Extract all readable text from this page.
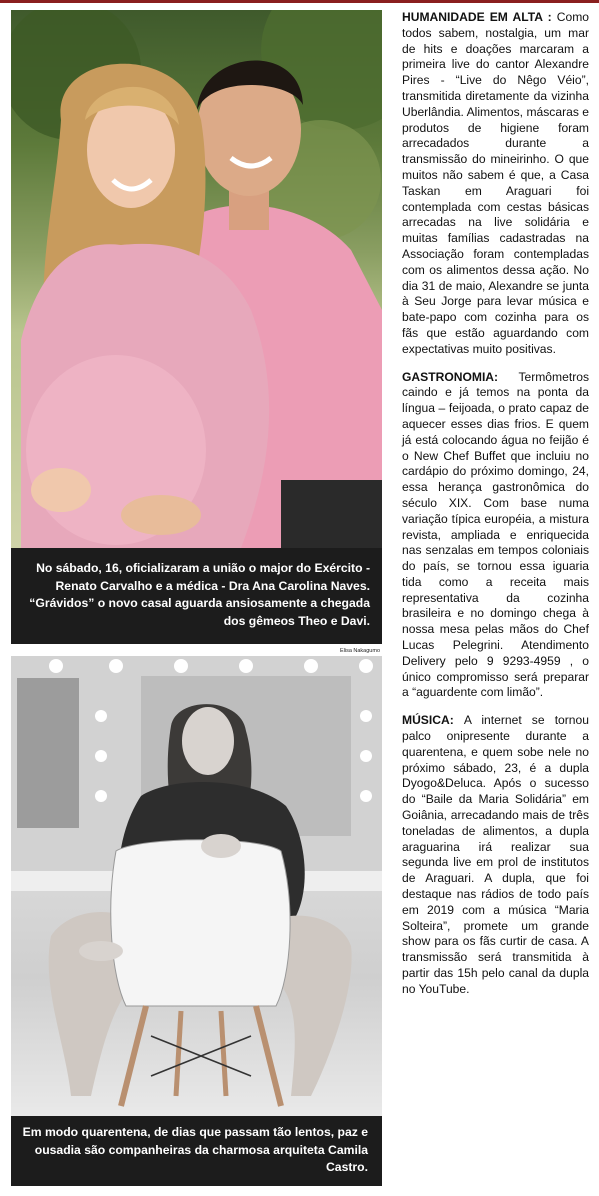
No sábado, 16, oficializaram a união o major do Exército - Renato Carvalho e a médica - Dra Ana Carolina Naves. “Grávidos” o novo casal aguarda ansiosamente a chegada dos gêmeos Theo e Davi.
Elisa Nakagumo
Em modo quarentena, de dias que passam tão lentos, paz e ousadia são companheiras da charmosa arquiteta Camila Castro.

HUMANIDADE EM ALTA : Como todos sabem, nostalgia, um mar de hits e doações marcaram a primeira live do cantor Alexandre Pires - “Live do Nêgo Véio”, transmitida diretamente da vizinha Uberlândia. Alimentos, máscaras e produtos de higiene foram arrecadados durante a transmissão do mineirinho. O que muitos não sabem é que, a Casa Taskan em Araguari foi contemplada com cestas básicas arrecadas na live solidária e muitas famílias cadastradas na Associação foram contempladas com os alimentos dessa ação. No dia 31 de maio, Alexandre se junta à Seu Jorge para levar música e bate-papo com cozinha para os fãs que estão aguardando com expectativas muito positivas.

GASTRONOMIA: Termômetros caindo e já temos na ponta da língua – feijoada, o prato capaz de aquecer esses dias frios. E quem já está colocando água no feijão é o New Chef Buffet que incluiu no cardápio do próximo domingo, 24, essa herança gastronômica do século XIX. Com base numa variação típica européia, a mistura revista, ampliada e enriquecida nas senzalas em tempos coloniais do país, se tornou essa iguaria tida como a receita mais representativa da cozinha brasileira e no domingo chega à nossa mesa pelas mãos do Chef Lucas Pelegrini. Atendimento Delivery pelo 9 9293-4959 , o único compromisso será preparar a “aguardente com limão”.

MÚSICA: A internet se tornou palco onipresente durante a quarentena, e quem sobe nele no próximo sábado, 23, é a dupla Dyogo&Deluca. Após o sucesso do “Baile da Maria Solidária” em Goiânia, arrecadando mais de três toneladas de alimentos, a dupla araguarina irá realizar sua segunda live em prol de institutos de Araguari. A dupla, que foi destaque nas rádios de todo país em 2019 com a música “Maria Solteira”, promete um grande show para os fãs curtir de casa. A transmissão será transmitida à partir das 15h pelo canal da dupla no YouTube.
